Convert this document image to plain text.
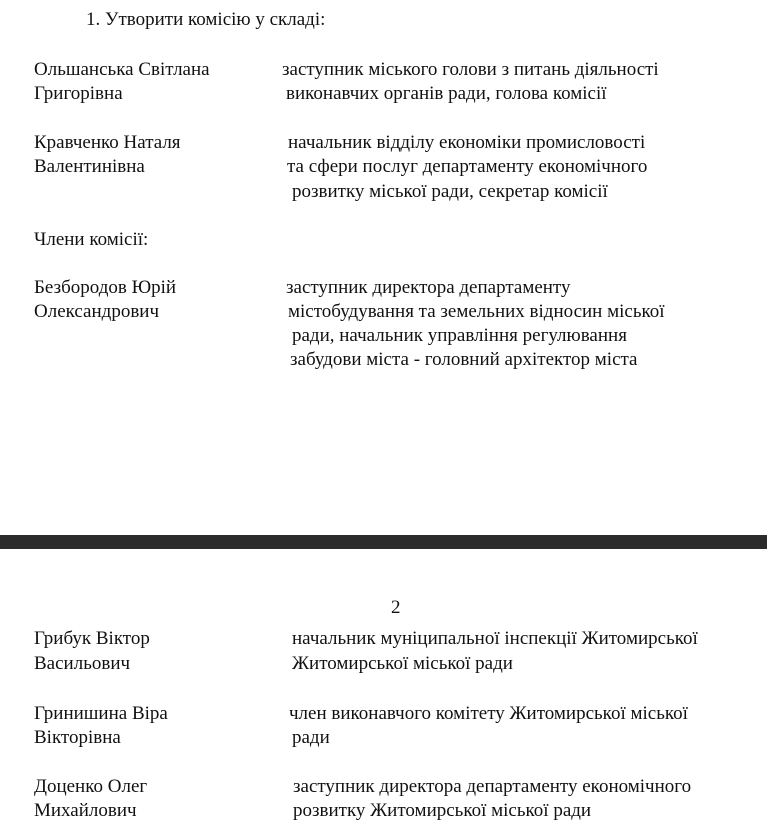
1. Утворити комісію у складі:
Ольшанська Світлана
Григорівна
заступник міського голови з питань діяльності
виконавчих органів ради, голова комісії
Кравченко Наталя
Валентинівна
начальник відділу економіки промисловості
та сфери послуг департаменту економічного
розвитку міської ради, секретар комісії
Члени комісії:
Безбородов Юрій
Олександрович
заступник директора департаменту
містобудування та земельних відносин міської
ради, начальник управління регулювання
забудови міста - головний архітектор міста
2
Грибук Віктор
Васильович
начальник муніципальної інспекції Житомирської
Житомирської міської ради
Гринишина Віра
Вікторівна
член виконавчого комітету Житомирської міської
ради
Доценко Олег
Михайлович
заступник директора департаменту економічного
розвитку Житомирської міської ради
